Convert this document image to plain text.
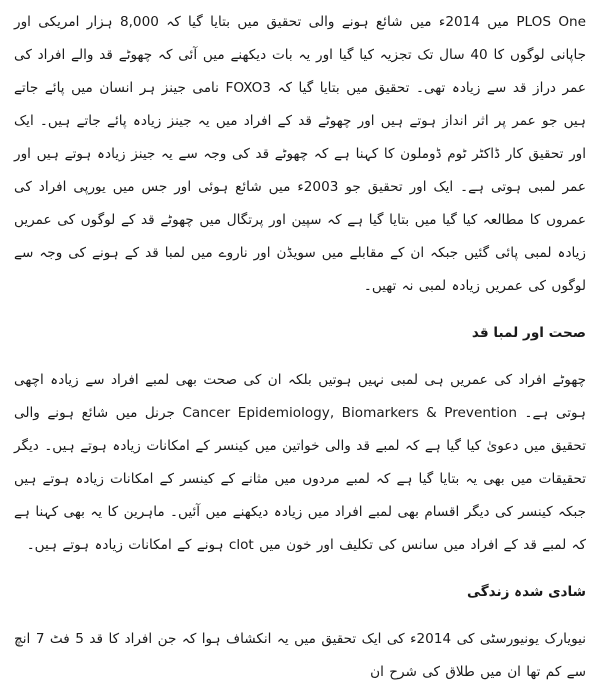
PLOS One میں 2014ء میں شائع ہونے والی تحقیق میں بتایا گیا کہ 8,000 ہزار امریکی اور جاپانی لوگوں کا 40 سال تک تجزیہ کیا گیا اور یہ بات دیکھنے میں آئی کہ چھوٹے قد والے افراد کی عمر دراز قد سے زیادہ تھی۔ تحقیق میں بتایا گیا کہ FOXO3 نامی جینز ہر انسان میں پائے جاتے ہیں جو عمر پر اثر انداز ہوتے ہیں اور چھوٹے قد کے افراد میں یہ جینز زیادہ پائے جاتے ہیں۔ ایک اور تحقیق کار ڈاکٹر ٹوم ڈوملون کا کہنا ہے کہ چھوٹے قد کی وجہ سے یہ جینز زیادہ ہوتے ہیں اور عمر لمبی ہوتی ہے۔ ایک اور تحقیق جو 2003ء میں شائع ہوئی اور جس میں یورپی افراد کی عمروں کا مطالعہ کیا گیا میں بتایا گیا ہے کہ سپین اور پرتگال میں چھوٹے قد کے لوگوں کی عمریں زیادہ لمبی پائی گئیں جبکہ ان کے مقابلے میں سویڈن اور ناروے میں لمبا قد کے ہونے کی وجہ سے لوگوں کی عمریں زیادہ لمبی نہ تھیں۔

صحت اور لمبا قد

چھوٹے افراد کی عمریں ہی لمبی نہیں ہوتیں بلکہ ان کی صحت بھی لمبے افراد سے زیادہ اچھی ہوتی ہے۔ Cancer Epidemiology, Biomarkers & Prevention جرنل میں شائع ہونے والی تحقیق میں دعویٰ کیا گیا ہے کہ لمبے قد والی خواتین میں کینسر کے امکانات زیادہ ہوتے ہیں۔ دیگر تحقیقات میں بھی یہ بتایا گیا ہے کہ لمبے مردوں میں مثانے کے کینسر کے امکانات زیادہ ہوتے ہیں جبکہ کینسر کی دیگر اقسام بھی لمبے افراد میں زیادہ دیکھنے میں آئیں۔ ماہرین کا یہ بھی کہنا ہے کہ لمبے قد کے افراد میں سانس کی تکلیف اور خون میں clot ہونے کے امکانات زیادہ ہوتے ہیں۔

شادی شدہ زندگی

نیویارک یونیورسٹی کی 2014ء کی ایک تحقیق میں یہ انکشاف ہوا کہ جن افراد کا قد 5 فٹ 7 انچ سے کم تھا ان میں طلاق کی شرح ان
